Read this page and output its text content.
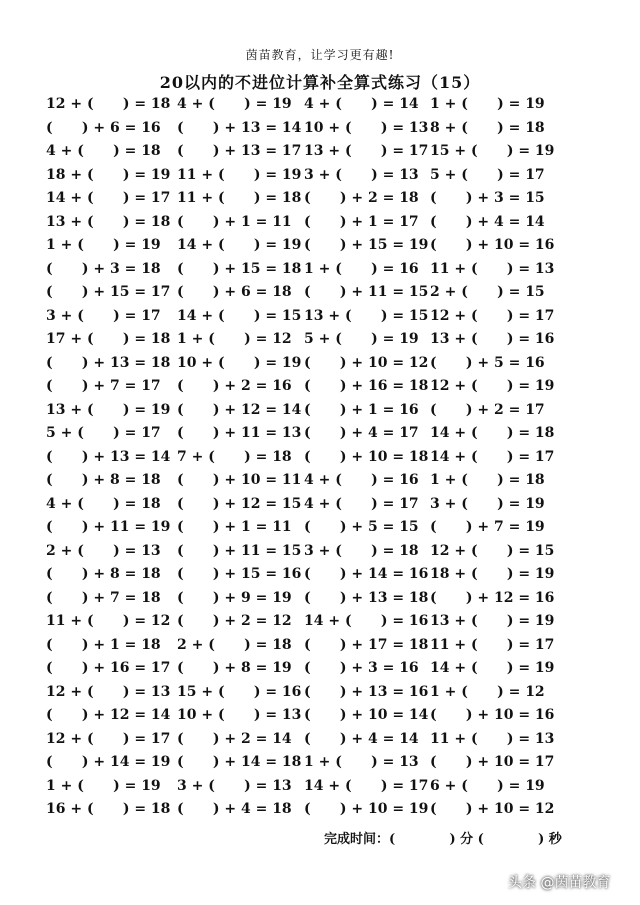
茵苗教育，让学习更有趣!
20以内的不进位计算补全算式练习（15）
12 + (      ) = 18 4 + (      ) = 19 4 + (      ) = 14 1 + (      ) = 19
(      ) + 6 = 16	(      ) + 13 = 14 10 + (      ) = 13 8 + (      ) = 18
4 + (      ) = 18	(      ) + 13 = 17 13 + (      ) = 17 15 + (      ) = 19
18 + (      ) = 19 11 + (      ) = 19 3 + (      ) = 13 5 + (      ) = 17
14 + (      ) = 17 11 + (      ) = 18 (      ) + 2 = 18 (      ) + 3 = 15
13 + (      ) = 18 (      ) + 1 = 11 (      ) + 1 = 17 (      ) + 4 = 14
1 + (      ) = 19	14 + (      ) = 19 (      ) + 15 = 19 (      ) + 10 = 16
(      ) + 3 = 18	(      ) + 15 = 18 1 + (      ) = 16 11 + (      ) = 13
(      ) + 15 = 17 (      ) + 6 = 18 (      ) + 11 = 15 2 + (      ) = 15
3 + (      ) = 17	14 + (      ) = 15 13 + (      ) = 15 12 + (      ) = 17
17 + (      ) = 18 1 + (      ) = 12 5 + (      ) = 19 13 + (      ) = 16
(      ) + 13 = 18 10 + (      ) = 19 (      ) + 10 = 12 (      ) + 5 = 16
(      ) + 7 = 17	(      ) + 2 = 16 (      ) + 16 = 18 12 + (      ) = 19
13 + (      ) = 19 (      ) + 12 = 14 (      ) + 1 = 16 (      ) + 2 = 17
5 + (      ) = 17	(      ) + 11 = 13 (      ) + 4 = 17 14 + (      ) = 18
(      ) + 13 = 14 7 + (      ) = 18 (      ) + 10 = 18 14 + (      ) = 17
(      ) + 8 = 18	(      ) + 10 = 11 4 + (      ) = 16 1 + (      ) = 18
4 + (      ) = 18	(      ) + 12 = 15 4 + (      ) = 17 3 + (      ) = 19
(      ) + 11 = 19 (      ) + 1 = 11 (      ) + 5 = 15 (      ) + 7 = 19
2 + (      ) = 13	(      ) + 11 = 15 3 + (      ) = 18 12 + (      ) = 15
(      ) + 8 = 18	(      ) + 15 = 16 (      ) + 14 = 16 18 + (      ) = 19
(      ) + 7 = 18	(      ) + 9 = 19 (      ) + 13 = 18 (      ) + 12 = 16
11 + (      ) = 12 (      ) + 2 = 12 14 + (      ) = 16 13 + (      ) = 19
(      ) + 1 = 18	2 + (      ) = 18 (      ) + 17 = 18 11 + (      ) = 17
(      ) + 16 = 17 (      ) + 8 = 19 (      ) + 3 = 16 14 + (      ) = 19
12 + (      ) = 13 15 + (      ) = 16 (      ) + 13 = 16 1 + (      ) = 12
(      ) + 12 = 14 10 + (      ) = 13 (      ) + 10 = 14 (      ) + 10 = 16
12 + (      ) = 17 (      ) + 2 = 14 (      ) + 4 = 14 11 + (      ) = 13
(      ) + 14 = 19 (      ) + 14 = 18 1 + (      ) = 13 (      ) + 10 = 17
1 + (      ) = 19	3 + (      ) = 13 14 + (      ) = 17 6 + (      ) = 19
16 + (      ) = 18 (      ) + 4 = 18 (      ) + 10 = 19 (      ) + 10 = 12
完成时间：(            ) 分 (            ) 秒
头条 @茵苗教育
